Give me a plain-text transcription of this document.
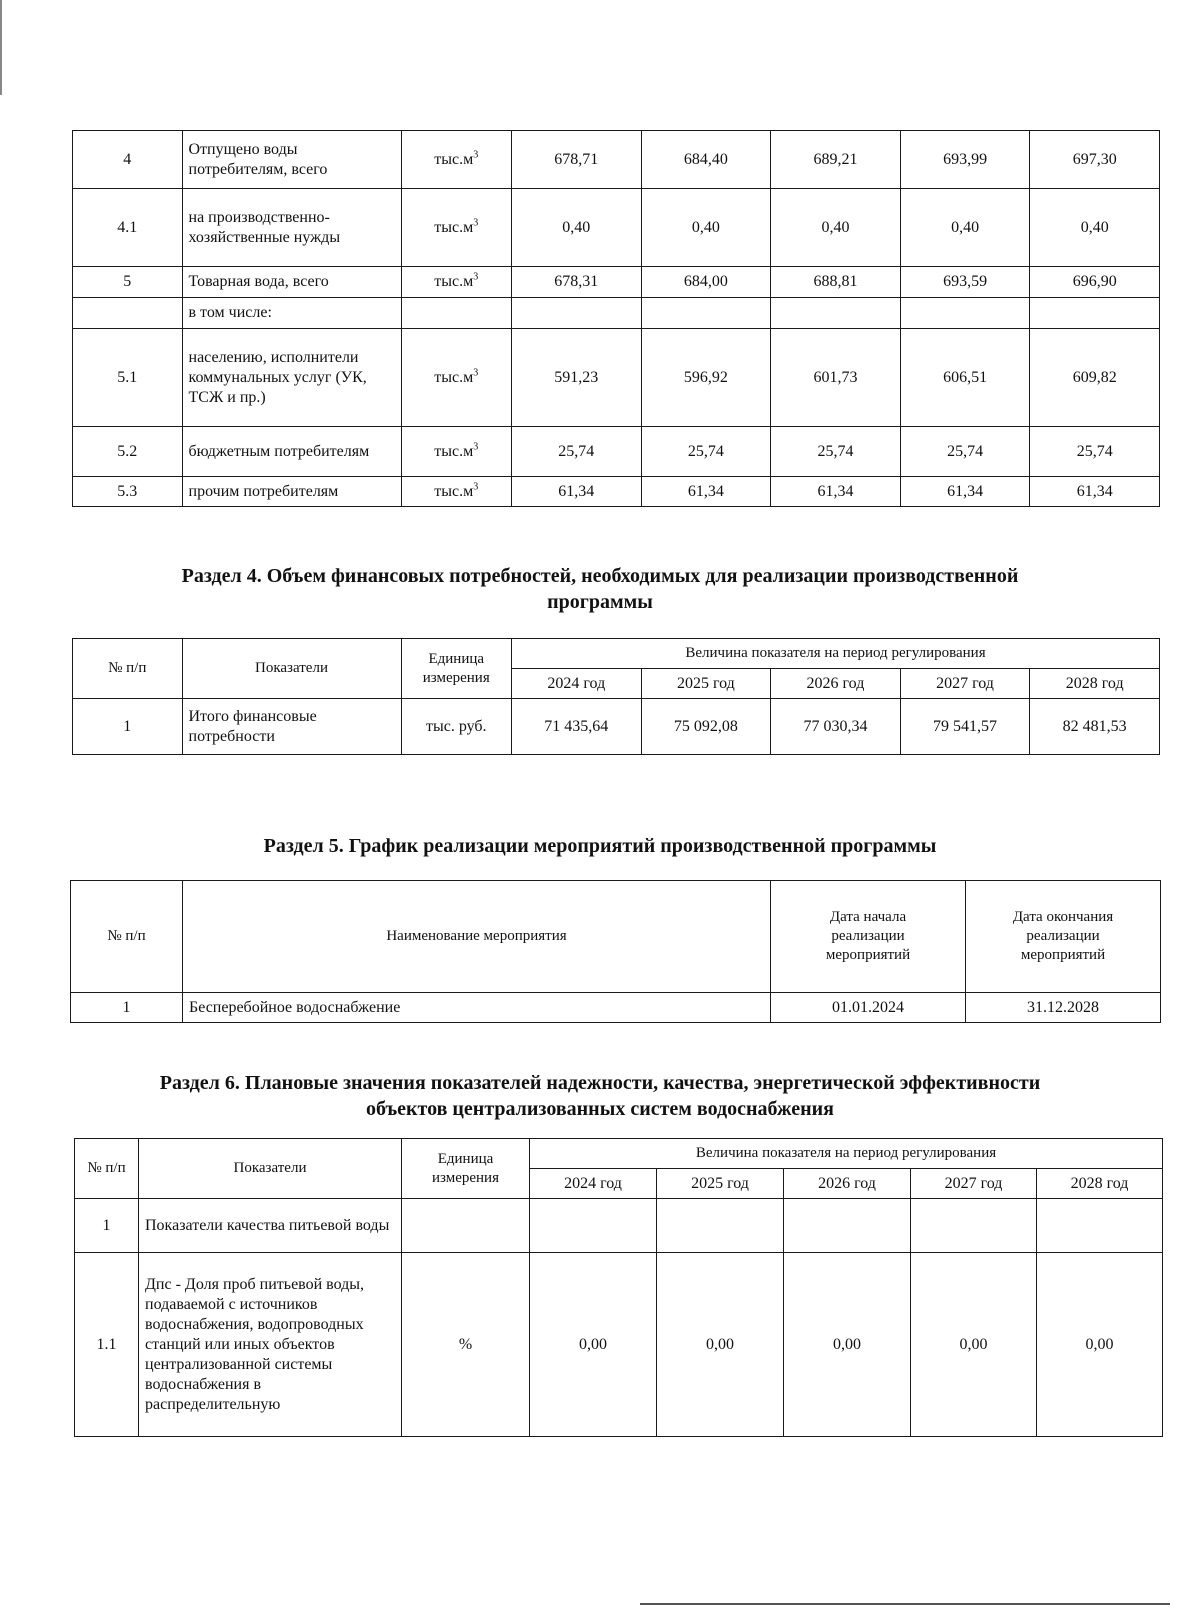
4	Отпущено воды потребителям, всего	$тыс.м^3$	678,71	684,40	689,21	693,99	697,30
4.1	на производственно-хозяйственные нужды	$тыс.м^3$	0,40	0,40	0,40	0,40	0,40
5	Товарная вода, всего	$тыс.м^3$	678,31	684,00	688,81	693,59	696,90
	в том числе:						
5.1	населению, исполнители коммунальных услуг (УК, ТСЖ и пр.)	$тыс.м^3$	591,23	596,92	601,73	606,51	609,82
5.2	бюджетным потребителям	$тыс.м^3$	25,74	25,74	25,74	25,74	25,74
5.3	прочим потребителям	$тыс.м^3$	61,34	61,34	61,34	61,34	61,34
Раздел 4. Объем финансовых потребностей, необходимых для реализации производственной
программы
№ п/п	Показатели	Единица измерения	Величина показателя на период регулирования				
			2024 год	2025 год	2026 год	2027 год	2028 год
1	Итого финансовые потребности	тыс. руб.	71 435,64	75 092,08	77 030,34	79 541,57	82 481,53
Раздел 5. График реализации мероприятий производственной программы
№ п/п	Наименование мероприятия	Дата начала реализации мероприятий	Дата окончания реализации мероприятий
1	Бесперебойное водоснабжение	01.01.2024	31.12.2028
Раздел 6. Плановые значения показателей надежности, качества, энергетической эффективности
объектов централизованных систем водоснабжения
№ п/п	Показатели	Единица измерения	Величина показателя на период регулирования				
			2024 год	2025 год	2026 год	2027 год	2028 год
1	Показатели качества питьевой воды						
1.1	Дпс - Доля проб питьевой воды, подаваемой с источников водоснабжения, водопроводных станций или иных объектов централизованной системы водоснабжения в распределительную	%	0,00	0,00	0,00	0,00	0,00
